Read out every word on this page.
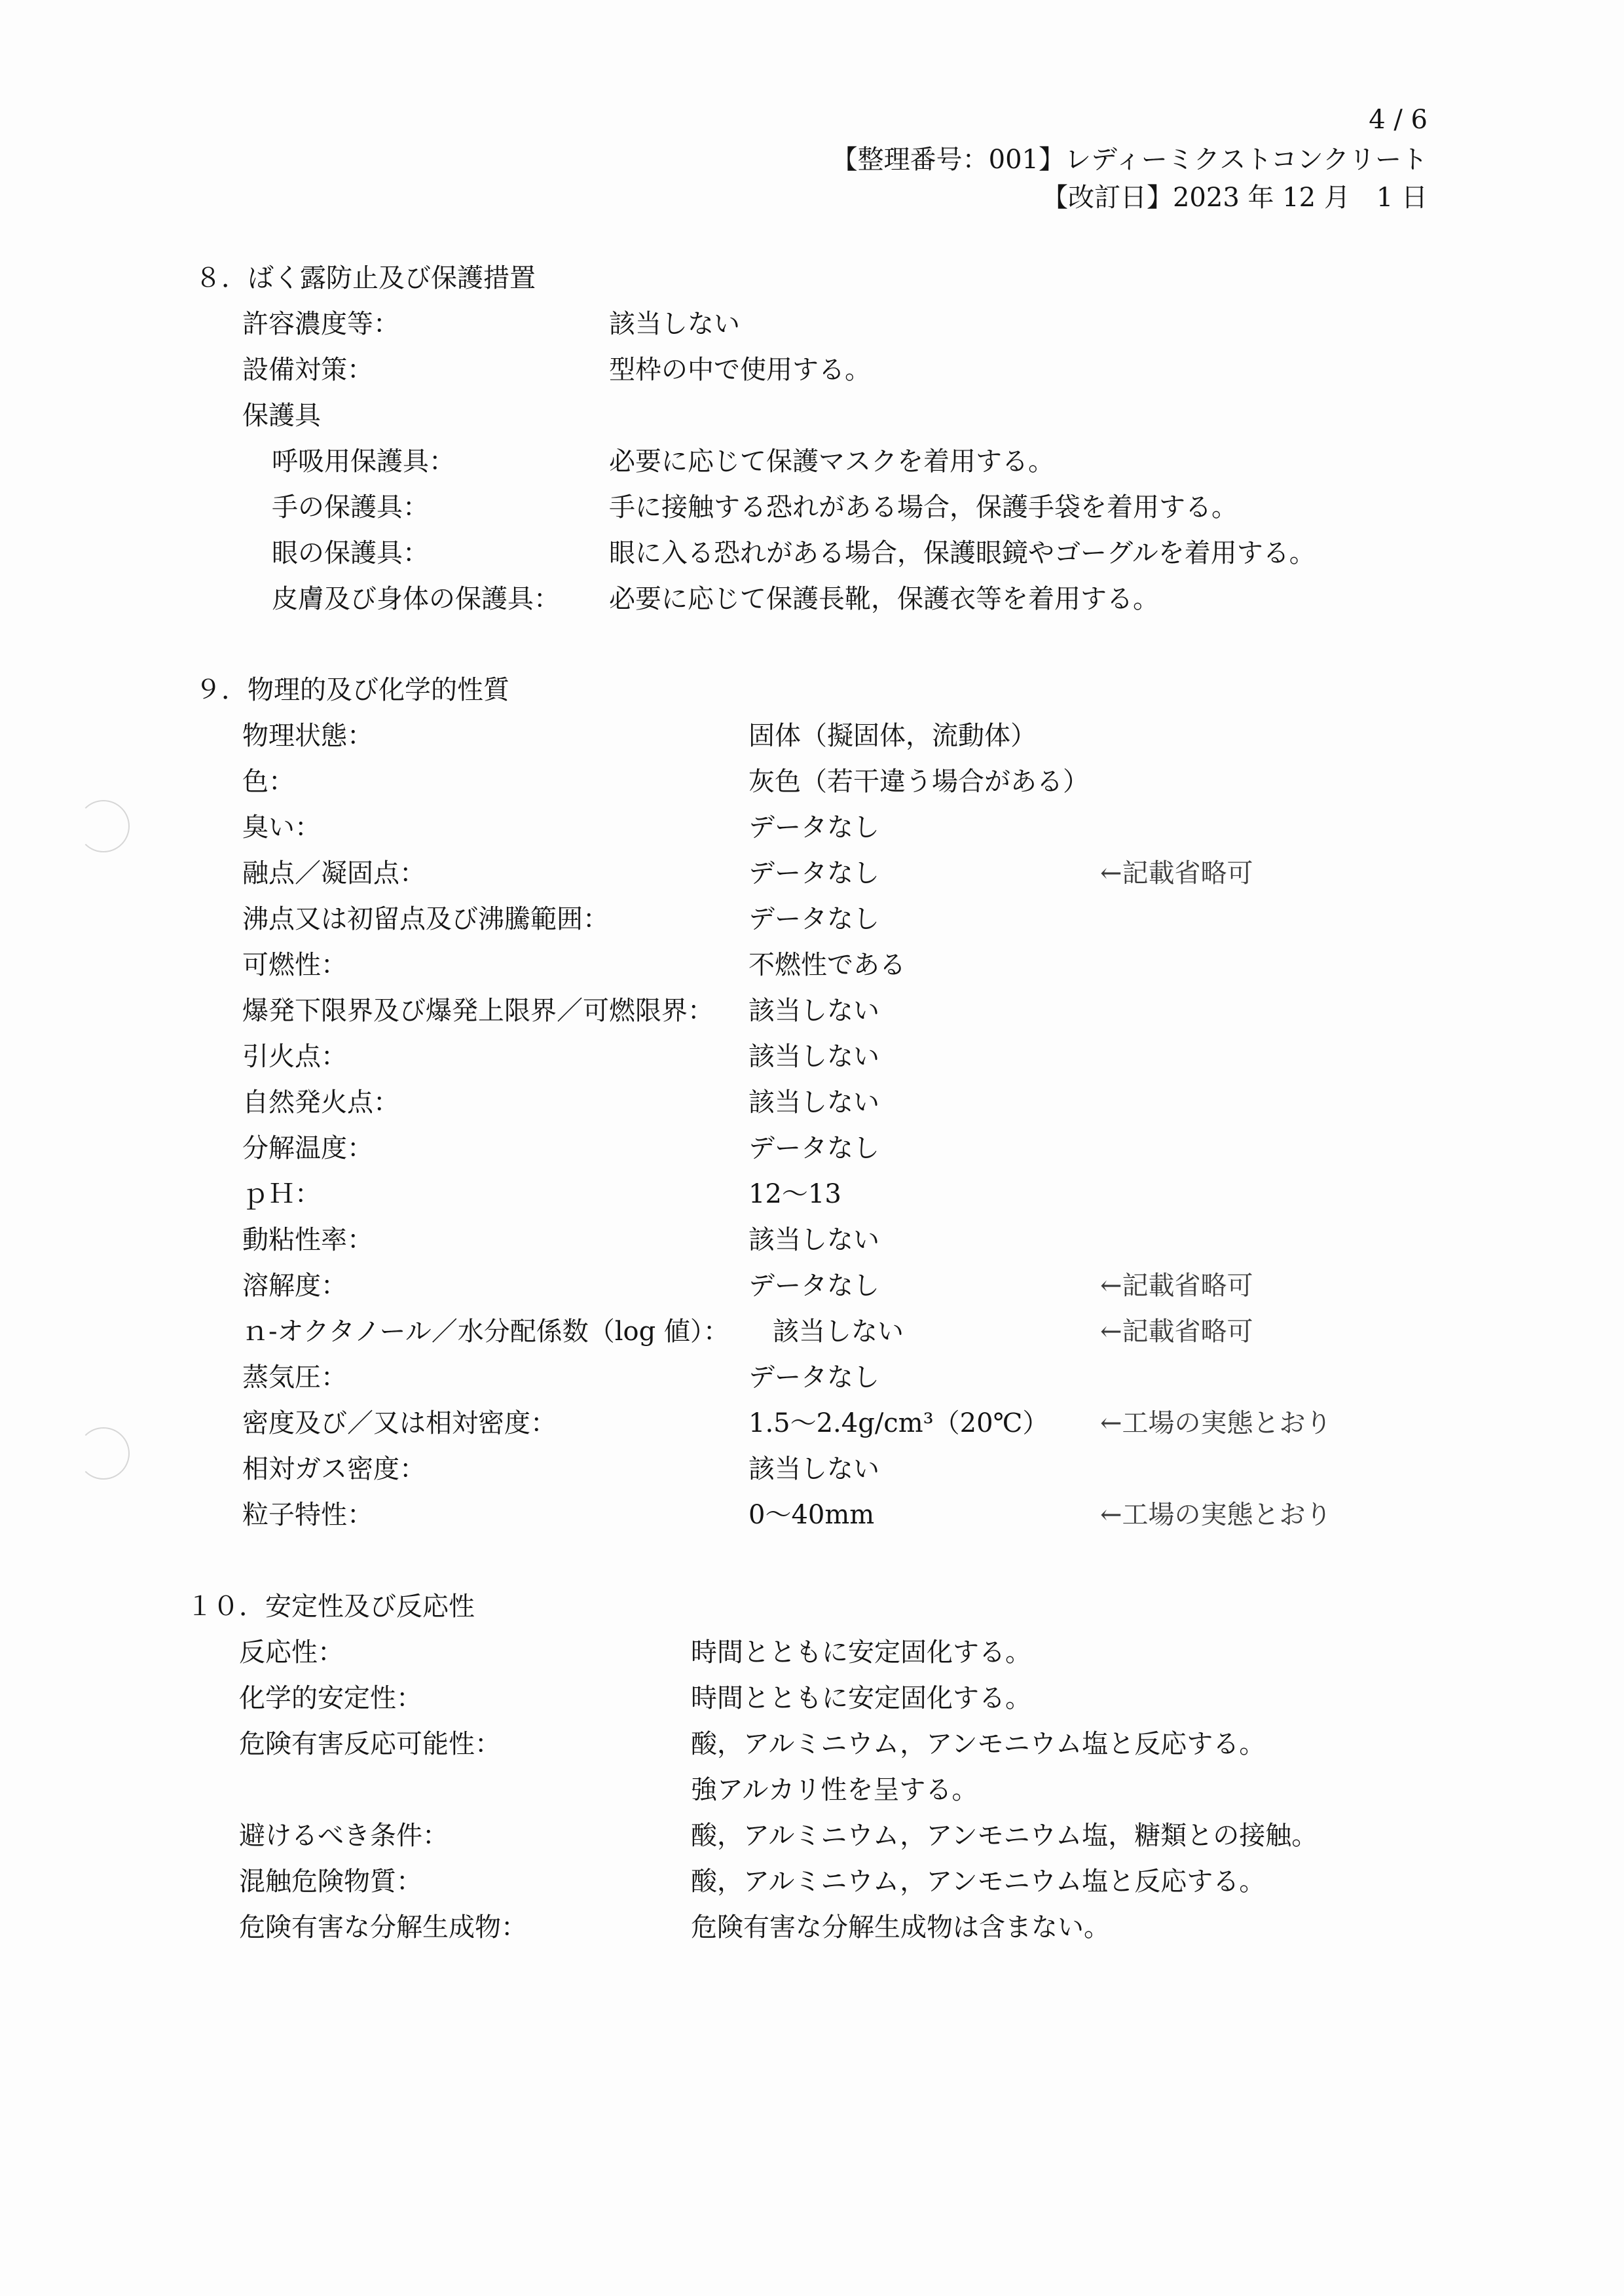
4 / 6
【整理番号：001】レディーミクストコンクリート
【改訂日】2023 年 12 月　1 日
８．ばく露防止及び保護措置
許容濃度等：	該当しない
設備対策：	型枠の中で使用する。
保護具
呼吸用保護具：	必要に応じて保護マスクを着用する。
手の保護具：	手に接触する恐れがある場合，保護手袋を着用する。
眼の保護具：	眼に入る恐れがある場合，保護眼鏡やゴーグルを着用する。
皮膚及び身体の保護具： 必要に応じて保護長靴，保護衣等を着用する。
９．物理的及び化学的性質
物理状態：	固体（擬固体，流動体）
色：	灰色（若干違う場合がある）
臭い：	データなし
融点／凝固点：	データなし	←記載省略可
沸点又は初留点及び沸騰範囲：	データなし
可燃性：	不燃性である
爆発下限界及び爆発上限界／可燃限界： 該当しない
引火点：	該当しない
自然発火点：	該当しない
分解温度：	データなし
ｐＨ：	12～13
動粘性率：	該当しない
溶解度：	データなし	←記載省略可
ｎ-オクタノール／水分配係数（log 値）： 該当しない	←記載省略可
蒸気圧：	データなし
密度及び／又は相対密度：	1.5～2.4g/cm³（20℃） ←工場の実態とおり
相対ガス密度：	該当しない
粒子特性：	0～40mm	←工場の実態とおり
１０．安定性及び反応性
反応性：	時間とともに安定固化する。
化学的安定性：	時間とともに安定固化する。
危険有害反応可能性：	酸，アルミニウム，アンモニウム塩と反応する。
強アルカリ性を呈する。
避けるべき条件：	酸，アルミニウム，アンモニウム塩，糖類との接触。
混触危険物質：	酸，アルミニウム，アンモニウム塩と反応する。
危険有害な分解生成物：	危険有害な分解生成物は含まない。
